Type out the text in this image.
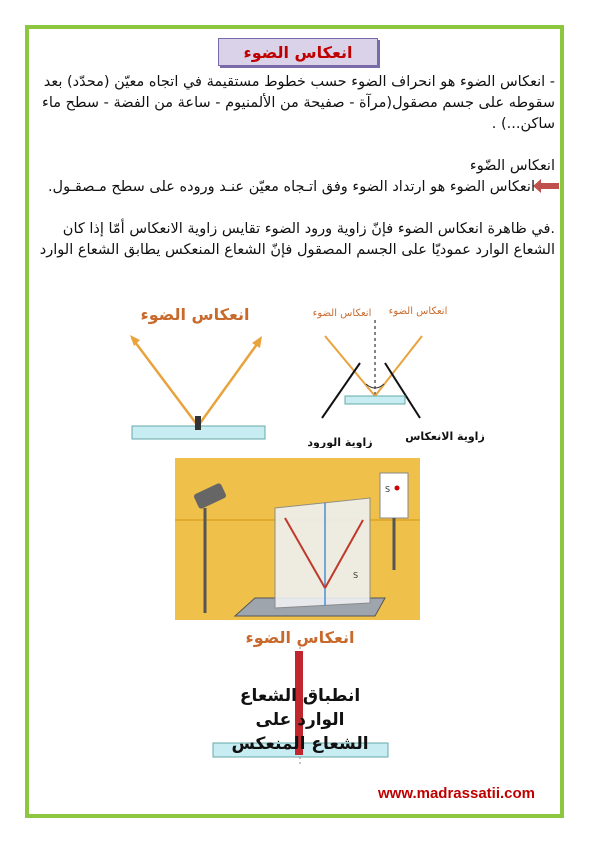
انعكاس الضوء
- انعكاس الضوء هو انحراف الضوء حسب خطوط مستقيمة في اتجاه معيّن (محدّد) بعد سقوطه على جسم مصقول(مرآة - صفيحة من الألمنيوم - ساعة من الفضة - سطح ماء ساكن...) .
انعكاس الضّوء
انعكاس الضوء هو ارتداد الضوء وفق اتـجاه معيّن عنـد وروده على سطح مـصقـول.
.في ظاهرة انعكاس الضوء فإنّ زاوية ورود الضوء تقايس زاوية الانعكاس أمّا إذا كان الشعاع الوارد عموديّا على الجسم المصقول فإنّ الشعاع المنعكس يطابق الشعاع الوارد
انعكاس الضوء	انعكاس الضوء انعكاس الضوء
زاوية الورود	زاوية الانعكاس
S
S
انعكاس الضوء
انطباق الشعاع
الوارد على
الشعاع المنعكس
www.madrassatii.com
